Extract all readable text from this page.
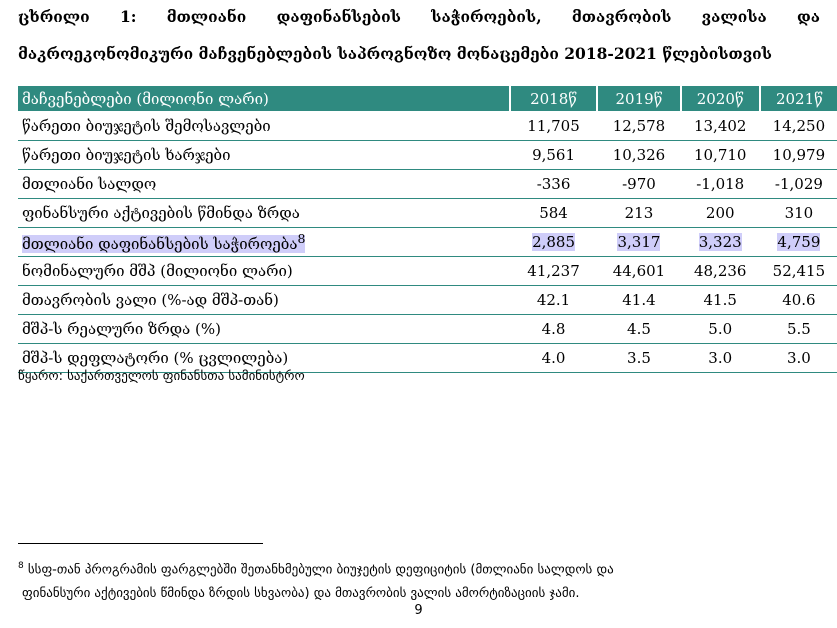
ცხრილი 1: მთლიანი დაფინანსების საჭიროების, მთავრობის ვალისა და
მაკროეკონომიკური მაჩვენებლების საპროგნოზო მონაცემები 2018-2021 წლებისთვის
მაჩვენებლები (მილიონი ლარი)	2018წ	2019წ	2020წ	2021წ
წარეთი ბიუჯეტის შემოსავლები	11,705	12,578	13,402	14,250
წარეთი ბიუჯეტის ხარჯები	9,561	10,326	10,710	10,979
მთლიანი სალდო	-336	-970	-1,018	-1,029
ფინანსური აქტივების წმინდა ზრდა	584	213	200	310
მთლიანი დაფინანსების საჭიროება$^8$	2,885	3,317	3,323	4,759
ნომინალური მშპ (მილიონი ლარი)	41,237	44,601	48,236	52,415
მთავრობის ვალი (%-ად მშპ-თან)	42.1	41.4	41.5	40.6
მშპ-ს რეალური ზრდა (%)	4.8	4.5	5.0	5.5
მშპ-ს დეფლატორი (% ცვლილება)	4.0	3.5	3.0	3.0
წყარო: საქართველოს ფინანსთა სამინისტრო
$^8$ სსფ-თან პროგრამის ფარგლებში შეთანხმებული ბიუჯეტის დეფიციტის (მთლიანი სალდოს და
ფინანსური აქტივების წმინდა ზრდის სხვაობა) და მთავრობის ვალის ამორტიზაციის ჯამი.
9
